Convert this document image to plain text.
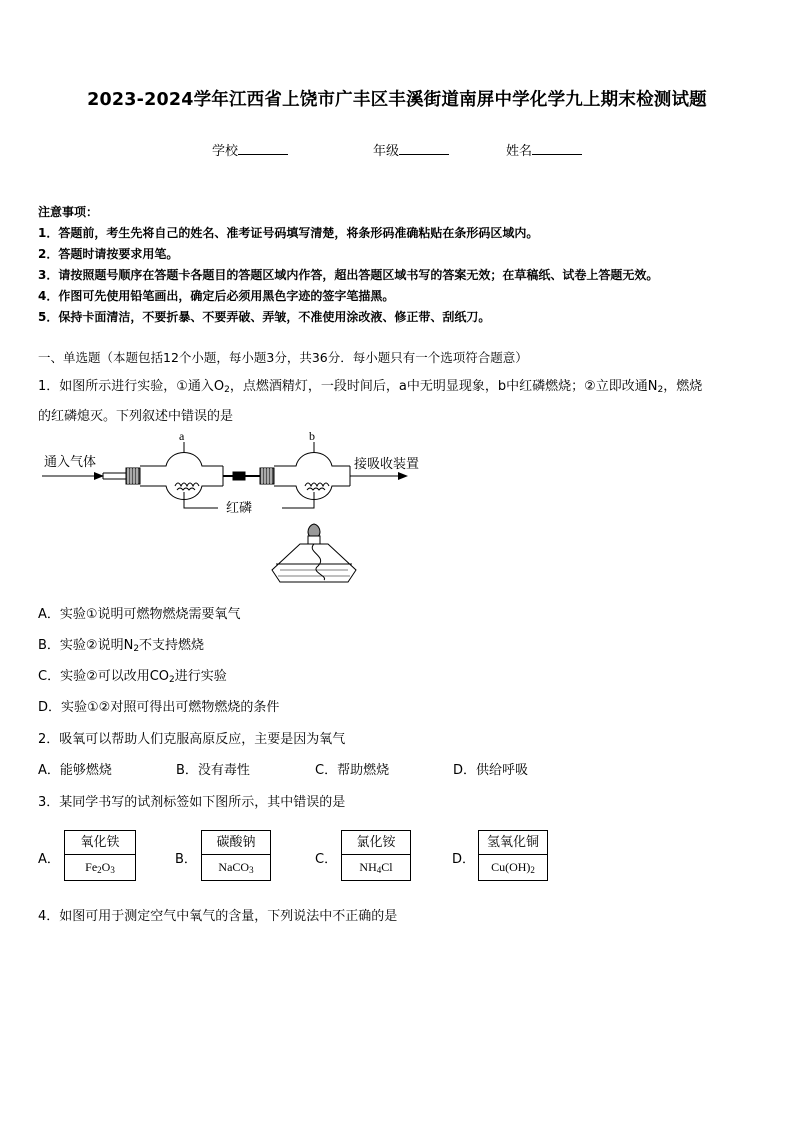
2023-2024学年江西省上饶市广丰区丰溪街道南屏中学化学九上期末检测试题
学校	年级	姓名
注意事项：
1．答题前，考生先将自己的姓名、准考证号码填写清楚，将条形码准确粘贴在条形码区域内。
2．答题时请按要求用笔。
3．请按照题号顺序在答题卡各题目的答题区域内作答，超出答题区域书写的答案无效；在草稿纸、试卷上答题无效。
4．作图可先使用铅笔画出，确定后必须用黑色字迹的签字笔描黑。
5．保持卡面清洁，不要折暴、不要弄破、弄皱，不准使用涂改液、修正带、刮纸刀。
一、单选题（本题包括12个小题，每小题3分，共36分．每小题只有一个选项符合题意）
1．如图所示进行实验，①通入$O_2$，点燃酒精灯，一段时间后，a中无明显现象，b中红磷燃烧；②立即改通$N_2$，燃烧
的红磷熄灭。下列叙述中错误的是
通入气体	接吸收装置
a	b
红磷
A．实验①说明可燃物燃烧需要氧气
B．实验②说明$N_2$不支持燃烧
C．实验②可以改用$CO_2$进行实验
D．实验①②对照可得出可燃物燃烧的条件
2．吸氧可以帮助人们克服高原反应，主要是因为氧气
A．能够燃烧	B．没有毒性	C．帮助燃烧	D．供给呼吸
3．某同学书写的试剂标签如下图所示，其中错误的是
A．
氧化铁
$Fe_2O_3$
B．
碳酸钠
NaCO$_3$
C．
氯化铵
$NH_4Cl$	D．
氢氧化铜
$Cu(OH)_2$
4．如图可用于测定空气中氧气的含量，下列说法中不正确的是
